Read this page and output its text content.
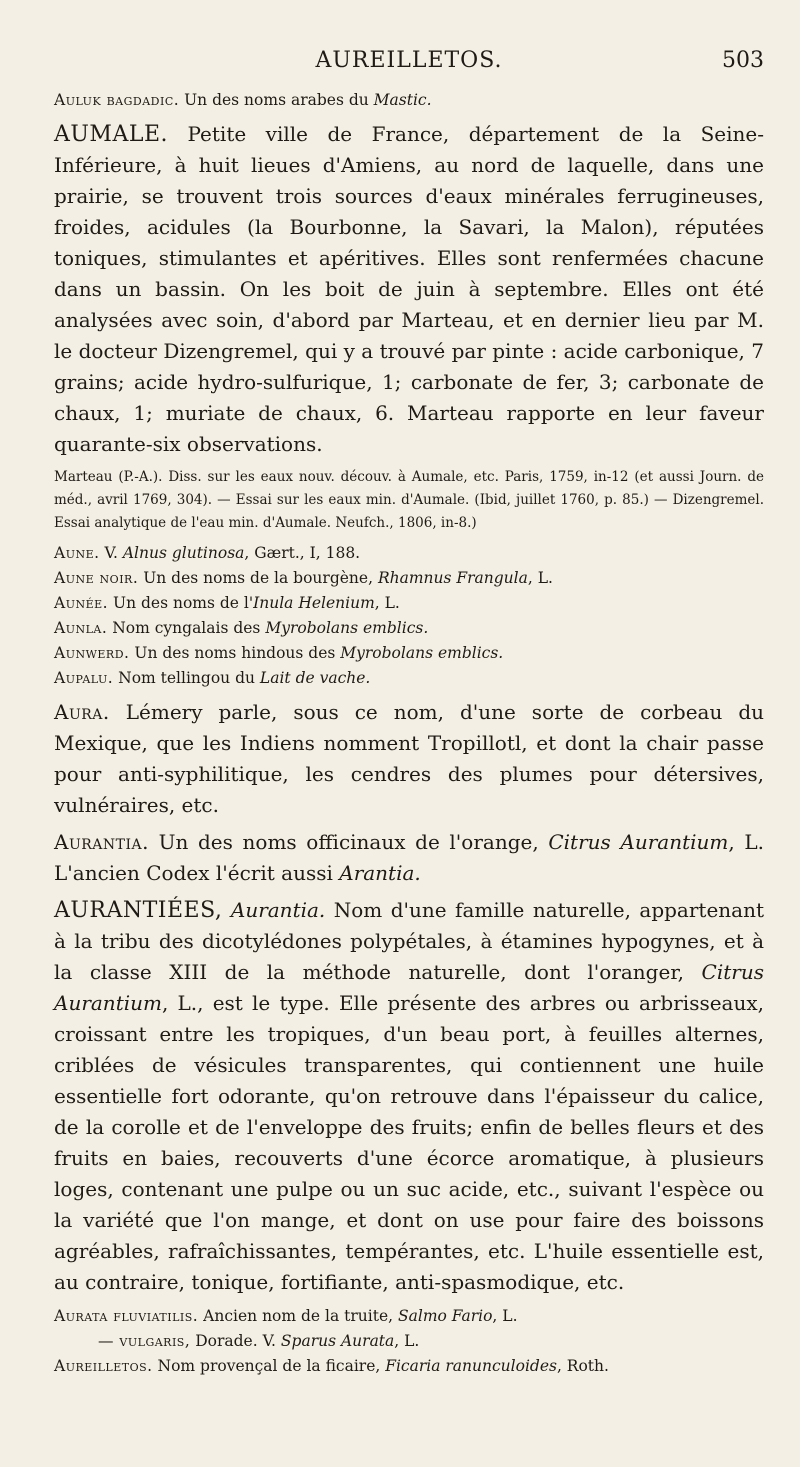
AUREILLETOS.	503

Auluk bagdadic. Un des noms arabes du Mastic.

AUMALE. Petite ville de France, département de la Seine-Inférieure, à huit lieues d'Amiens, au nord de laquelle, dans une prairie, se trouvent trois sources d'eaux minérales ferrugineuses, froides, acidules (la Bourbonne, la Savari, la Malon), réputées toniques, stimulantes et apéritives. Elles sont renfermées chacune dans un bassin. On les boit de juin à septembre. Elles ont été analysées avec soin, d'abord par Marteau, et en dernier lieu par M. le docteur Dizengremel, qui y a trouvé par pinte : acide carbonique, 7 grains; acide hydro-sulfurique, 1; carbonate de fer, 3; carbonate de chaux, 1; muriate de chaux, 6. Marteau rapporte en leur faveur quarante-six observations.

Marteau (P.-A.). Diss. sur les eaux nouv. découv. à Aumale, etc. Paris, 1759, in-12 (et aussi Journ. de méd., avril 1769, 304). — Essai sur les eaux min. d'Aumale. (Ibid, juillet 1760, p. 85.) — Dizengremel. Essai analytique de l'eau min. d'Aumale. Neufch., 1806, in-8.)

Aune. V. Alnus glutinosa, Gært., I, 188.

Aune noir. Un des noms de la bourgène, Rhamnus Frangula, L.

Aunée. Un des noms de l'Inula Helenium, L.

Aunla. Nom cyngalais des Myrobolans emblics.

Aunwerd. Un des noms hindous des Myrobolans emblics.

Aupalu. Nom tellingou du Lait de vache.

Aura. Lémery parle, sous ce nom, d'une sorte de corbeau du Mexique, que les Indiens nomment Tropillotl, et dont la chair passe pour anti-syphilitique, les cendres des plumes pour détersives, vulnéraires, etc.

Aurantia. Un des noms officinaux de l'orange, Citrus Aurantium, L. L'ancien Codex l'écrit aussi Arantia.

AURANTIÉES, Aurantia. Nom d'une famille naturelle, appartenant à la tribu des dicotylédones polypétales, à étamines hypogynes, et à la classe XIII de la méthode naturelle, dont l'oranger, Citrus Aurantium, L., est le type. Elle présente des arbres ou arbrisseaux, croissant entre les tropiques, d'un beau port, à feuilles alternes, criblées de vésicules transparentes, qui contiennent une huile essentielle fort odorante, qu'on retrouve dans l'épaisseur du calice, de la corolle et de l'enveloppe des fruits; enfin de belles fleurs et des fruits en baies, recouverts d'une écorce aromatique, à plusieurs loges, contenant une pulpe ou un suc acide, etc., suivant l'espèce ou la variété que l'on mange, et dont on use pour faire des boissons agréables, rafraîchissantes, tempérantes, etc. L'huile essentielle est, au contraire, tonique, fortifiante, anti-spasmodique, etc.

Aurata fluviatilis. Ancien nom de la truite, Salmo Fario, L.

— vulgaris, Dorade. V. Sparus Aurata, L.

Aureilletos. Nom provençal de la ficaire, Ficaria ranunculoides, Roth.
